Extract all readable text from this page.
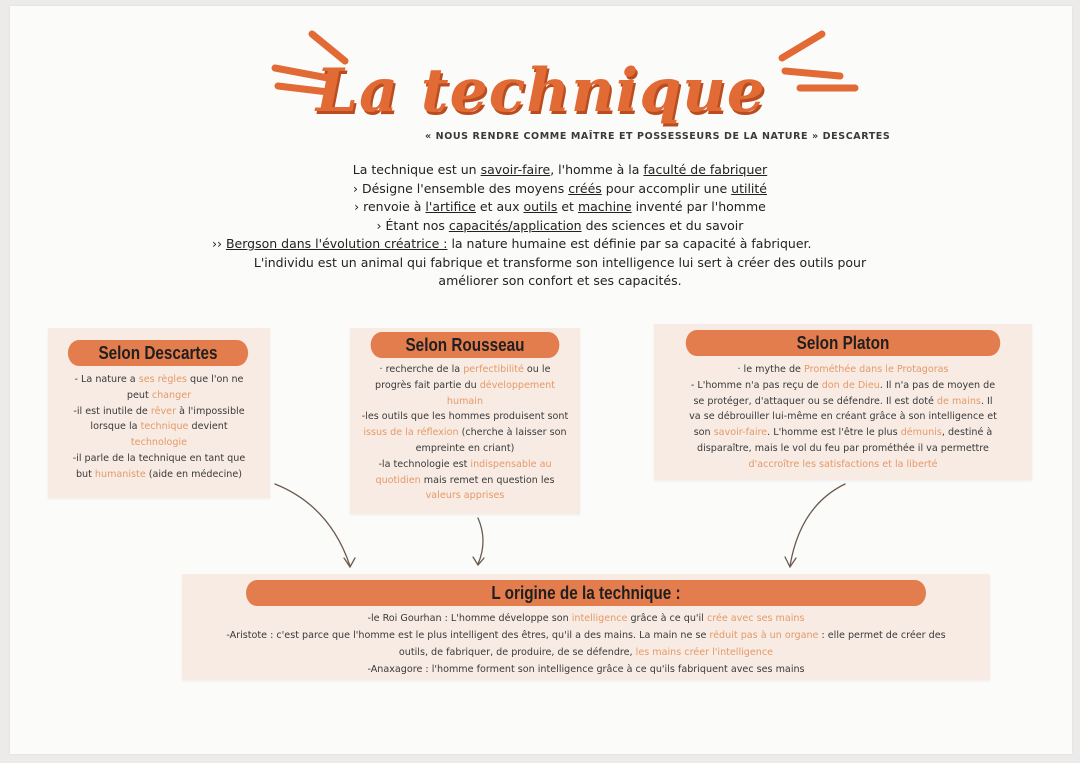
La technique
« NOUS RENDRE COMME MAÎTRE ET POSSESSEURS DE LA NATURE » DESCARTES
La technique est un savoir-faire, l'homme à la faculté de fabriquer
› Désigne l'ensemble des moyens créés pour accomplir une utilité
› renvoie à l'artifice et aux outils et machine inventé par l'homme
› Étant nos capacités/application des sciences et du savoir
›› Bergson dans l'évolution créatrice : la nature humaine est définie par sa capacité à fabriquer.
L'individu est un animal qui fabrique et transforme son intelligence lui sert à créer des outils pour
améliorer son confort et ses capacités.
Selon Descartes
- La nature a ses règles que l'on ne
peut changer
-il est inutile de rêver à l'impossible
lorsque la technique devient
technologie
-il parle de la technique en tant que
but humaniste (aide en médecine)
Selon Rousseau
· recherche de la perfectibilité ou le
progrès fait partie du développement
humain
-les outils que les hommes produisent sont
issus de la réflexion (cherche à laisser son
empreinte en criant)
-la technologie est indispensable au
quotidien mais remet en question les
valeurs apprises
Selon Platon
· le mythe de Prométhée dans le Protagoras
- L'homme n'a pas reçu de don de Dieu. Il n'a pas de moyen de
se protéger, d'attaquer ou se défendre. Il est doté de mains. Il
va se débrouiller lui-même en créant grâce à son intelligence et
son savoir-faire. L'homme est l'être le plus démunis, destiné à
disparaître, mais le vol du feu par prométhée il va permettre
d'accroître les satisfactions et la liberté
L origine de la technique :
-le Roi Gourhan : L'homme développe son intelligence grâce à ce qu'il crée avec ses mains
-Aristote : c'est parce que l'homme est le plus intelligent des êtres, qu'il a des mains. La main ne se réduit pas à un organe : elle permet de créer des
outils, de fabriquer, de produire, de se défendre, les mains créer l'intelligence
-Anaxagore : l'homme forment son intelligence grâce à ce qu'ils fabriquent avec ses mains
